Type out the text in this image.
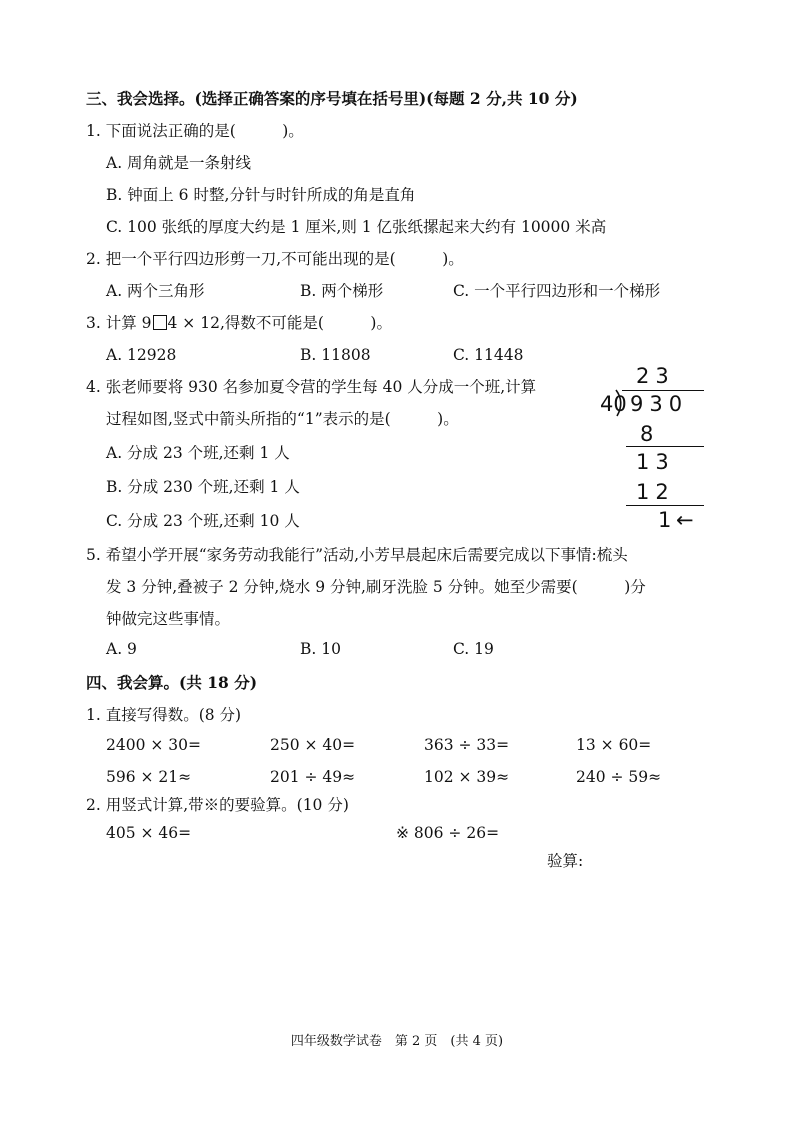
三、我会选择。(选择正确答案的序号填在括号里)(每题 2 分,共 10 分)
1. 下面说法正确的是(　　　)。
A. 周角就是一条射线
B. 钟面上 6 时整,分针与时针所成的角是直角
C. 100 张纸的厚度大约是 1 厘米,则 1 亿张纸摞起来大约有 10000 米高
2. 把一个平行四边形剪一刀,不可能出现的是(　　　)。
A. 两个三角形	B. 两个梯形	C. 一个平行四边形和一个梯形
3. 计算 9 4 × 12,得数不可能是(　　　)。
A. 12928	B. 11808	C. 11448
4. 张老师要将 930 名参加夏令营的学生每 40 人分成一个班,计算
过程如图,竖式中箭头所指的“1”表示的是(　　　)。
A. 分成 23 个班,还剩 1 人
B. 分成 230 个班,还剩 1 人
C. 分成 23 个班,还剩 10 人
23
40 930
8
13
12
1
←
5. 希望小学开展“家务劳动我能行”活动,小芳早晨起床后需要完成以下事情:梳头
发 3 分钟,叠被子 2 分钟,烧水 9 分钟,刷牙洗脸 5 分钟。她至少需要(　　　)分
钟做完这些事情。
A. 9	B. 10	C. 19
四、我会算。(共 18 分)
1. 直接写得数。(8 分)
2400 × 30=	250 × 40=	363 ÷ 33=	13 × 60=
596 × 21≈	201 ÷ 49≈	102 × 39≈	240 ÷ 59≈
2. 用竖式计算,带※的要验算。(10 分)
405 × 46=	※ 806 ÷ 26=
验算:
四年级数学试卷　第 2 页　(共 4 页)
